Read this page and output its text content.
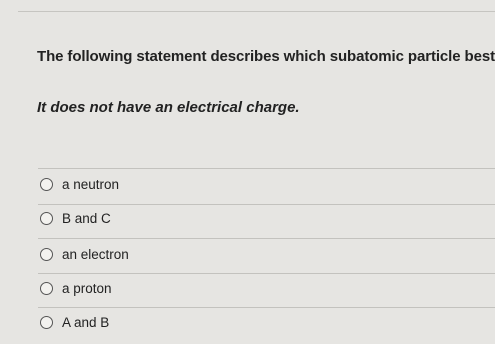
The following statement describes which subatomic particle best
It does not have an electrical charge.
a neutron
B and C
an electron
a proton
A and B
